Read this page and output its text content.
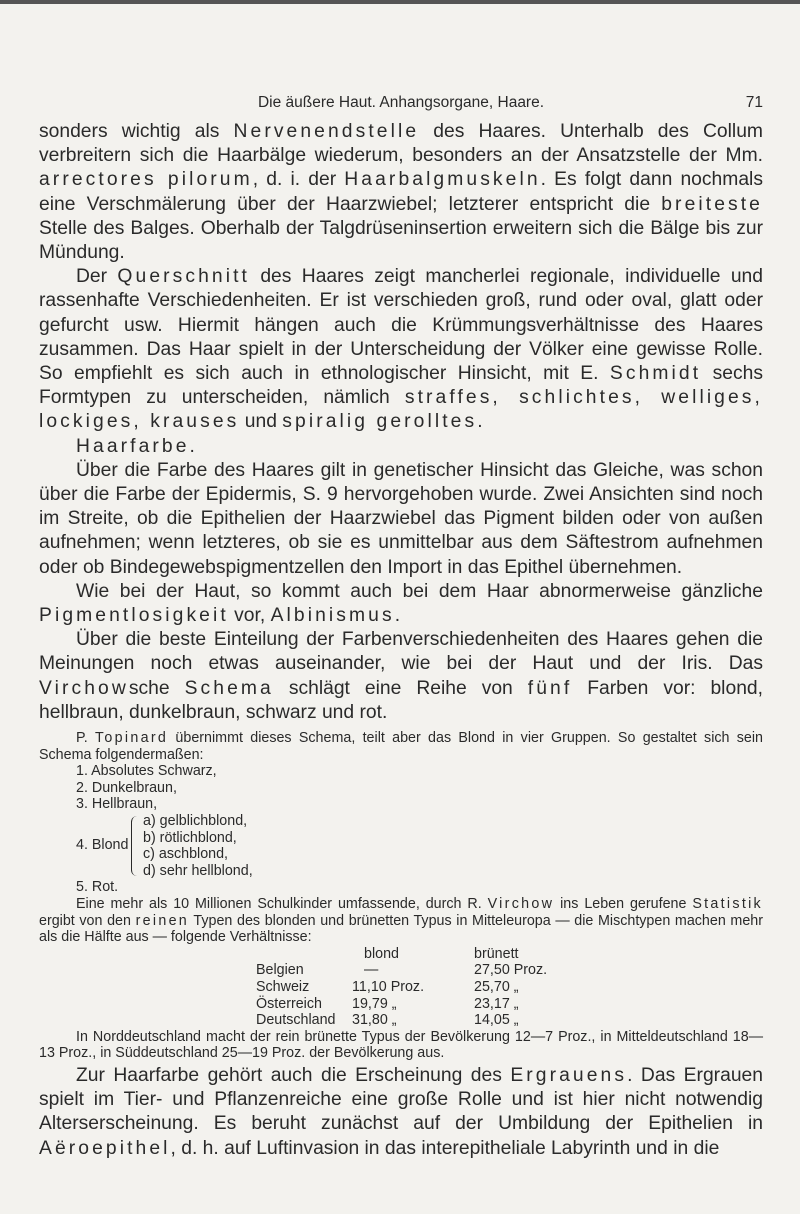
Die äußere Haut. Anhangsorgane, Haare.	71

sonders wichtig als Nervenendstelle des Haares. Unterhalb des Collum verbreitern sich die Haarbälge wiederum, besonders an der Ansatzstelle der Mm. arrectores pilorum, d. i. der Haarbalgmuskeln. Es folgt dann nochmals eine Verschmälerung über der Haarzwiebel; letzterer entspricht die breiteste Stelle des Balges. Oberhalb der Talgdrüseninsertion erweitern sich die Bälge bis zur Mündung.

Der Querschnitt des Haares zeigt mancherlei regionale, individuelle und rassenhafte Verschiedenheiten. Er ist verschieden groß, rund oder oval, glatt oder gefurcht usw. Hiermit hängen auch die Krümmungsverhältnisse des Haares zusammen. Das Haar spielt in der Unterscheidung der Völker eine gewisse Rolle. So empfiehlt es sich auch in ethnologischer Hinsicht, mit E. Schmidt sechs Formtypen zu unterscheiden, nämlich straffes, schlichtes, welliges, lockiges, krauses und spiralig gerolltes.

Haarfarbe.

Über die Farbe des Haares gilt in genetischer Hinsicht das Gleiche, was schon über die Farbe der Epidermis, S. 9 hervorgehoben wurde. Zwei Ansichten sind noch im Streite, ob die Epithelien der Haarzwiebel das Pigment bilden oder von außen aufnehmen; wenn letzteres, ob sie es unmittelbar aus dem Säftestrom aufnehmen oder ob Bindegewebspigmentzellen den Import in das Epithel übernehmen.

Wie bei der Haut, so kommt auch bei dem Haar abnormerweise gänzliche Pigmentlosigkeit vor, Albinismus.

Über die beste Einteilung der Farbenverschiedenheiten des Haares gehen die Meinungen noch etwas auseinander, wie bei der Haut und der Iris. Das Virchowsche Schema schlägt eine Reihe von fünf Farben vor: blond, hellbraun, dunkelbraun, schwarz und rot.

P. Topinard übernimmt dieses Schema, teilt aber das Blond in vier Gruppen. So gestaltet sich sein Schema folgendermaßen:

1. Absolutes Schwarz,
2. Dunkelbraun,
3. Hellbraun,
4. Blond
a) gelblichblond,
b) rötlichblond,
c) aschblond,
d) sehr hellblond,
5. Rot.

Eine mehr als 10 Millionen Schulkinder umfassende, durch R. Virchow ins Leben gerufene Statistik ergibt von den reinen Typen des blonden und brünetten Typus in Mitteleuropa — die Mischtypen machen mehr als die Hälfte aus — folgende Verhältnisse:

	blond	brünett
Belgien	—	27,50 Proz.
Schweiz	11,10 Proz.	25,70 „
Österreich	19,79 „	23,17 „
Deutschland	31,80 „	14,05 „

In Norddeutschland macht der rein brünette Typus der Bevölkerung 12—7 Proz., in Mitteldeutschland 18—13 Proz., in Süddeutschland 25—19 Proz. der Bevölkerung aus.

Zur Haarfarbe gehört auch die Erscheinung des Ergrauens. Das Ergrauen spielt im Tier- und Pflanzenreiche eine große Rolle und ist hier nicht notwendig Alterserscheinung. Es beruht zunächst auf der Umbildung der Epithelien in Aëroepithel, d. h. auf Luftinvasion in das interepitheliale Labyrinth und in die
